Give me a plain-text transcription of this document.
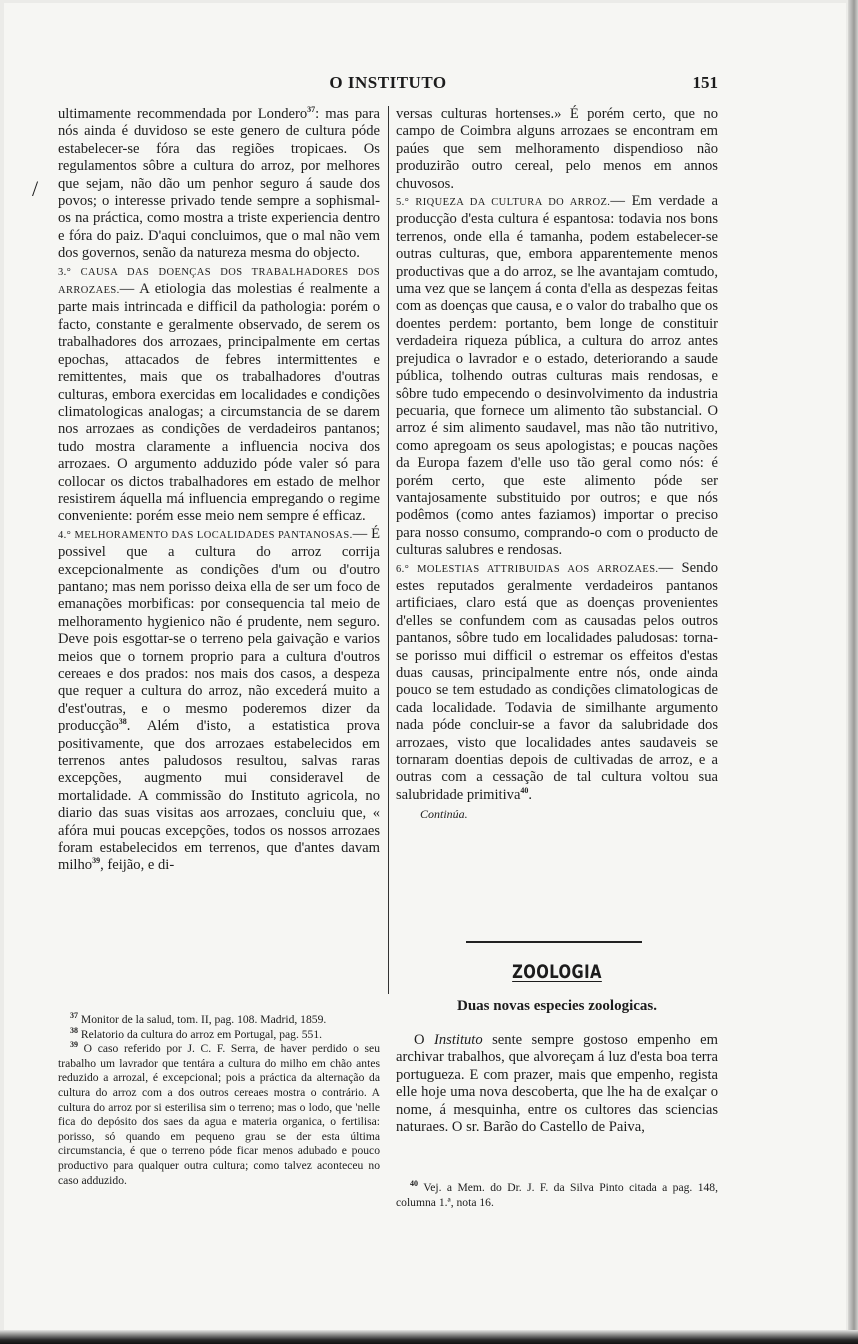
/
O INSTITUTO	151

ultimamente recommendada por Londero$^{37}$: mas para nós ainda é duvidoso se este genero de cultura póde estabelecer-se fóra das regiões tropicaes. Os regulamentos sôbre a cultura do arroz, por melhores que sejam, não dão um penhor seguro á saude dos povos; o interesse privado tende sempre a sophismal-os na práctica, como mostra a triste experiencia dentro e fóra do paiz. D'aqui concluimos, que o mal não vem dos governos, senão da natureza mesma do objecto.

3.° CAUSA DAS DOENÇAS DOS TRABALHADORES DOS ARROZAES.— A etiologia das molestias é realmente a parte mais intrincada e difficil da pathologia: porém o facto, constante e geralmente observado, de serem os trabalhadores dos arrozaes, principalmente em certas epochas, attacados de febres intermittentes e remittentes, mais que os trabalhadores d'outras culturas, embora exercidas em localidades e condições climatologicas analogas; a circumstancia de se darem nos arrozaes as condições de verdadeiros pantanos; tudo mostra claramente a influencia nociva dos arrozaes. O argumento adduzido póde valer só para collocar os dictos trabalhadores em estado de melhor resistirem áquella má influencia empregando o regime conveniente: porém esse meio nem sempre é efficaz.

4.° MELHORAMENTO DAS LOCALIDADES PANTANOSAS.— É possivel que a cultura do arroz corrija excepcionalmente as condições d'um ou d'outro pantano; mas nem porisso deixa ella de ser um foco de emanações morbificas: por consequencia tal meio de melhoramento hygienico não é prudente, nem seguro. Deve pois esgottar-se o terreno pela gaivação e varios meios que o tornem proprio para a cultura d'outros cereaes e dos prados: nos mais dos casos, a despeza que requer a cultura do arroz, não excederá muito a d'est'outras, e o mesmo poderemos dizer da producção$^{38}$. Além d'isto, a estatistica prova positivamente, que dos arrozaes estabelecidos em terrenos antes paludosos resultou, salvas raras excepções, augmento mui consideravel de mortalidade. A commissão do Instituto agricola, no diario das suas visitas aos arrozaes, concluiu que, « afóra mui poucas excepções, todos os nossos arrozaes foram estabelecidos em terrenos, que d'antes davam milho$^{39}$, feijão, e di-

$^{37}$ Monitor de la salud, tom. II, pag. 108. Madrid, 1859.

$^{38}$ Relatorio da cultura do arroz em Portugal, pag. 551.

$^{39}$ O caso referido por J. C. F. Serra, de haver perdido o seu trabalho um lavrador que tentára a cultura do milho em chão antes reduzido a arrozal, é excepcional; pois a práctica da alternação da cultura do arroz com a dos outros cereaes mostra o contrário. A cultura do arroz por si esterilisa sim o terreno; mas o lodo, que 'nelle fica do depósito dos saes da agua e materia organica, o fertilisa: porisso, só quando em pequeno grau se der esta última circumstancia, é que o terreno póde ficar menos adubado e pouco productivo para qualquer outra cultura; como talvez aconteceu no caso adduzido.

versas culturas hortenses.» É porém certo, que no campo de Coimbra alguns arrozaes se encontram em paúes que sem melhoramento dispendioso não produzirão outro cereal, pelo menos em annos chuvosos.

5.° RIQUEZA DA CULTURA DO ARROZ.— Em verdade a producção d'esta cultura é espantosa: todavia nos bons terrenos, onde ella é tamanha, podem estabelecer-se outras culturas, que, embora apparentemente menos productivas que a do arroz, se lhe avantajam comtudo, uma vez que se lançem á conta d'ella as despezas feitas com as doenças que causa, e o valor do trabalho que os doentes perdem: portanto, bem longe de constituir verdadeira riqueza pública, a cultura do arroz antes prejudica o lavrador e o estado, deteriorando a saude pública, tolhendo outras culturas mais rendosas, e sôbre tudo empecendo o desinvolvimento da industria pecuaria, que fornece um alimento tão substancial. O arroz é sim alimento saudavel, mas não tão nutritivo, como apregoam os seus apologistas; e poucas nações da Europa fazem d'elle uso tão geral como nós: é porém certo, que este alimento póde ser vantajosamente substituido por outros; e que nós podêmos (como antes faziamos) importar o preciso para nosso consumo, comprando-o com o producto de culturas salubres e rendosas.

6.° MOLESTIAS ATTRIBUIDAS AOS ARROZAES.— Sendo estes reputados geralmente verdadeiros pantanos artificiaes, claro está que as doenças provenientes d'elles se confundem com as causadas pelos outros pantanos, sôbre tudo em localidades paludosas: torna-se porisso mui difficil o estremar os effeitos d'estas duas causas, principalmente entre nós, onde ainda pouco se tem estudado as condições climatologicas de cada localidade. Todavia de similhante argumento nada póde concluir-se a favor da salubridade dos arrozaes, visto que localidades antes saudaveis se tornaram doentias depois de cultivadas de arroz, e a outras com a cessação de tal cultura voltou sua salubridade primitiva$^{40}$.

Continúa.

ZOOLOGIA
Duas novas especies zoologicas.

O Instituto sente sempre gostoso empenho em archivar trabalhos, que alvoreçam á luz d'esta boa terra portugueza. E com prazer, mais que empenho, regista elle hoje uma nova descoberta, que lhe ha de exalçar o nome, á mesquinha, entre os cultores das sciencias naturaes. O sr. Barão do Castello de Paiva,

$^{40}$ Vej. a Mem. do Dr. J. F. da Silva Pinto citada a pag. 148, columna 1.ª, nota 16.
